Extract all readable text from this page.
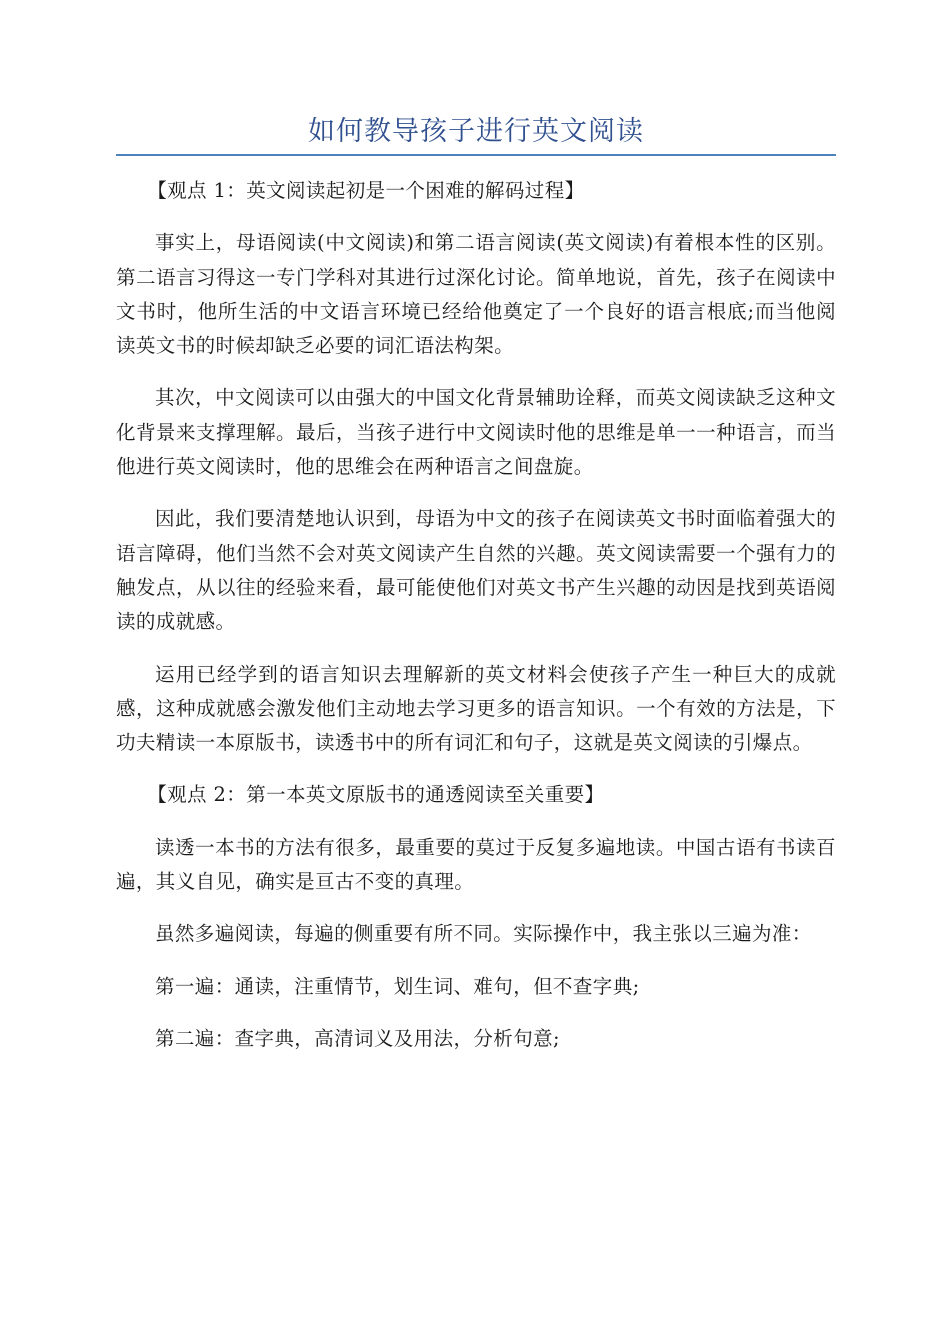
如何教导孩子进行英文阅读

【观点 1：英文阅读起初是一个困难的解码过程】

事实上，母语阅读(中文阅读)和第二语言阅读(英文阅读)有着根本性的区别。第二语言习得这一专门学科对其进行过深化讨论。简单地说，首先，孩子在阅读中文书时，他所生活的中文语言环境已经给他奠定了一个良好的语言根底;而当他阅读英文书的时候却缺乏必要的词汇语法构架。

其次，中文阅读可以由强大的中国文化背景辅助诠释，而英文阅读缺乏这种文化背景来支撑理解。最后，当孩子进行中文阅读时他的思维是单一一种语言，而当他进行英文阅读时，他的思维会在两种语言之间盘旋。

因此，我们要清楚地认识到，母语为中文的孩子在阅读英文书时面临着强大的语言障碍，他们当然不会对英文阅读产生自然的兴趣。英文阅读需要一个强有力的触发点，从以往的经验来看，最可能使他们对英文书产生兴趣的动因是找到英语阅读的成就感。

运用已经学到的语言知识去理解新的英文材料会使孩子产生一种巨大的成就感，这种成就感会激发他们主动地去学习更多的语言知识。一个有效的方法是，下功夫精读一本原版书，读透书中的所有词汇和句子，这就是英文阅读的引爆点。

【观点 2：第一本英文原版书的通透阅读至关重要】

读透一本书的方法有很多，最重要的莫过于反复多遍地读。中国古语有书读百遍，其义自见，确实是亘古不变的真理。

虽然多遍阅读，每遍的侧重要有所不同。实际操作中，我主张以三遍为准：

第一遍：通读，注重情节，划生词、难句，但不查字典;

第二遍：查字典，高清词义及用法，分析句意;
